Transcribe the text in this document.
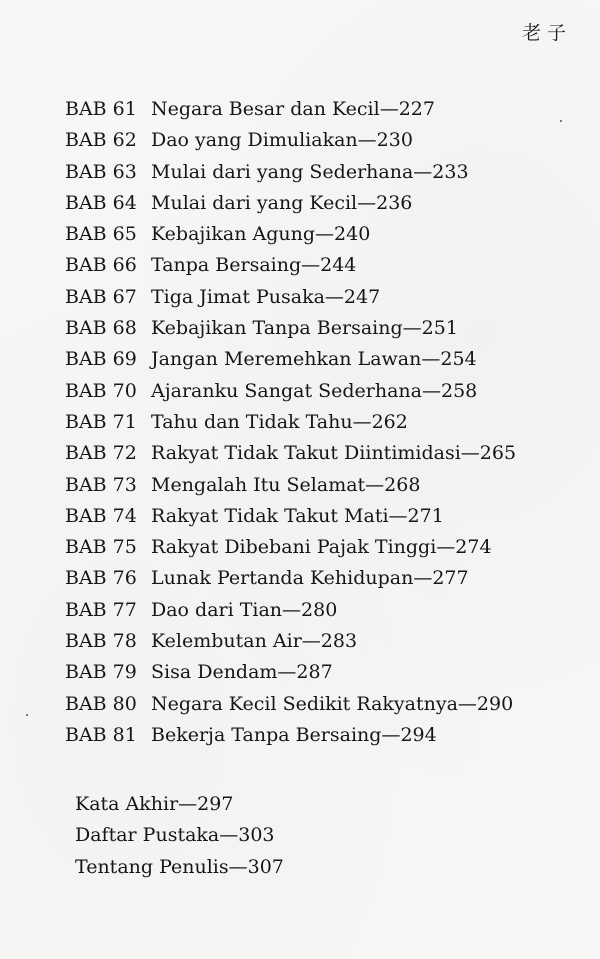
老子
BAB 61 Negara Besar dan Kecil—227
BAB 62 Dao yang Dimuliakan—230
BAB 63 Mulai dari yang Sederhana—233
BAB 64 Mulai dari yang Kecil—236
BAB 65 Kebajikan Agung—240
BAB 66 Tanpa Bersaing—244
BAB 67 Tiga Jimat Pusaka—247
BAB 68 Kebajikan Tanpa Bersaing—251
BAB 69 Jangan Meremehkan Lawan—254
BAB 70 Ajaranku Sangat Sederhana—258
BAB 71 Tahu dan Tidak Tahu—262
BAB 72 Rakyat Tidak Takut Diintimidasi—265
BAB 73 Mengalah Itu Selamat—268
BAB 74 Rakyat Tidak Takut Mati—271
BAB 75 Rakyat Dibebani Pajak Tinggi—274
BAB 76 Lunak Pertanda Kehidupan—277
BAB 77 Dao dari Tian—280
BAB 78 Kelembutan Air—283
BAB 79 Sisa Dendam—287
BAB 80 Negara Kecil Sedikit Rakyatnya—290
BAB 81 Bekerja Tanpa Bersaing—294
Kata Akhir—297
Daftar Pustaka—303
Tentang Penulis—307
